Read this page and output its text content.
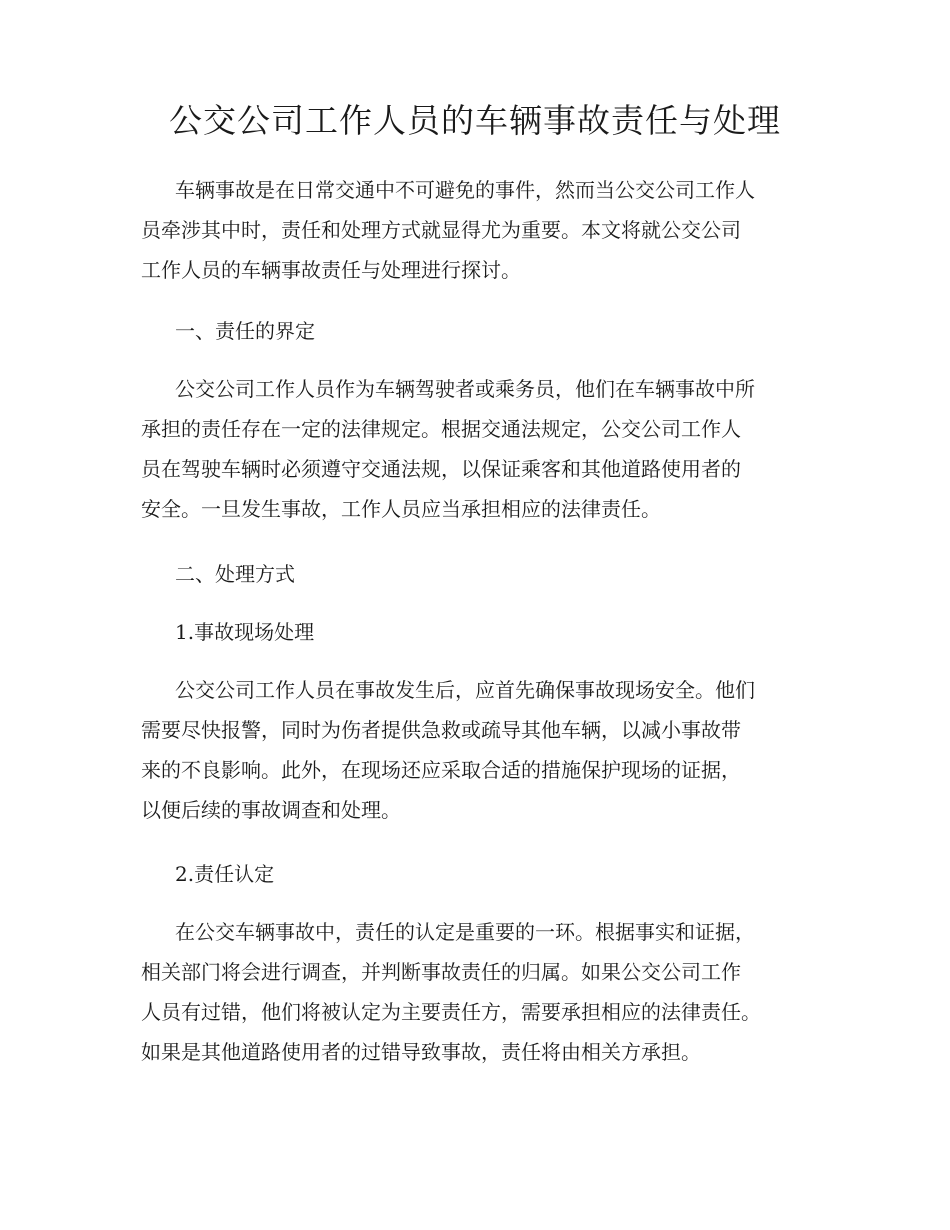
公交公司工作人员的车辆事故责任与处理
车辆事故是在日常交通中不可避免的事件，然而当公交公司工作人
员牵涉其中时，责任和处理方式就显得尤为重要。本文将就公交公司
工作人员的车辆事故责任与处理进行探讨。
一、责任的界定
公交公司工作人员作为车辆驾驶者或乘务员，他们在车辆事故中所
承担的责任存在一定的法律规定。根据交通法规定，公交公司工作人
员在驾驶车辆时必须遵守交通法规，以保证乘客和其他道路使用者的
安全。一旦发生事故，工作人员应当承担相应的法律责任。
二、处理方式
1.事故现场处理
公交公司工作人员在事故发生后，应首先确保事故现场安全。他们
需要尽快报警，同时为伤者提供急救或疏导其他车辆，以减小事故带
来的不良影响。此外，在现场还应采取合适的措施保护现场的证据，
以便后续的事故调查和处理。
2.责任认定
在公交车辆事故中，责任的认定是重要的一环。根据事实和证据，
相关部门将会进行调查，并判断事故责任的归属。如果公交公司工作
人员有过错，他们将被认定为主要责任方，需要承担相应的法律责任。
如果是其他道路使用者的过错导致事故，责任将由相关方承担。
